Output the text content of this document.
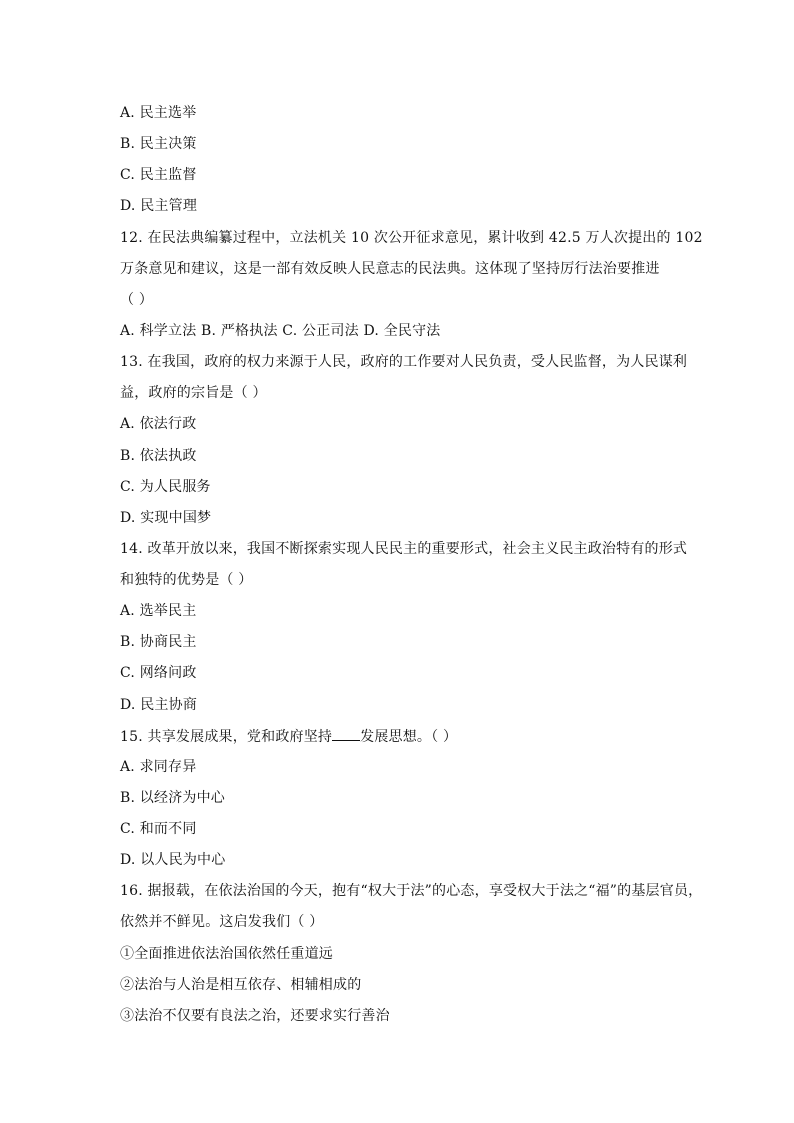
A. 民主选举
B. 民主决策
C. 民主监督
D. 民主管理
12. 在民法典编纂过程中，立法机关 10 次公开征求意见，累计收到 42.5 万人次提出的 102
万条意见和建议，这是一部有效反映人民意志的民法典。这体现了坚持厉行法治要推进
（ ）
A. 科学立法 B. 严格执法 C. 公正司法 D. 全民守法
13. 在我国，政府的权力来源于人民，政府的工作要对人民负责，受人民监督，为人民谋利
益，政府的宗旨是（ ）
A. 依法行政
B. 依法执政
C. 为人民服务
D. 实现中国梦
14. 改革开放以来，我国不断探索实现人民民主的重要形式，社会主义民主政治特有的形式
和独特的优势是（ ）
A. 选举民主
B. 协商民主
C. 网络问政
D. 民主协商
15. 共享发展成果，党和政府坚持 发展思想。（ ）
A. 求同存异
B. 以经济为中心
C. 和而不同
D. 以人民为中心
16. 据报载，在依法治国的今天，抱有“权大于法”的心态，享受权大于法之“福”的基层官员，
依然并不鲜见。这启发我们（ ）
①全面推进依法治国依然任重道远
②法治与人治是相互依存、相辅相成的
③法治不仅要有良法之治，还要求实行善治
